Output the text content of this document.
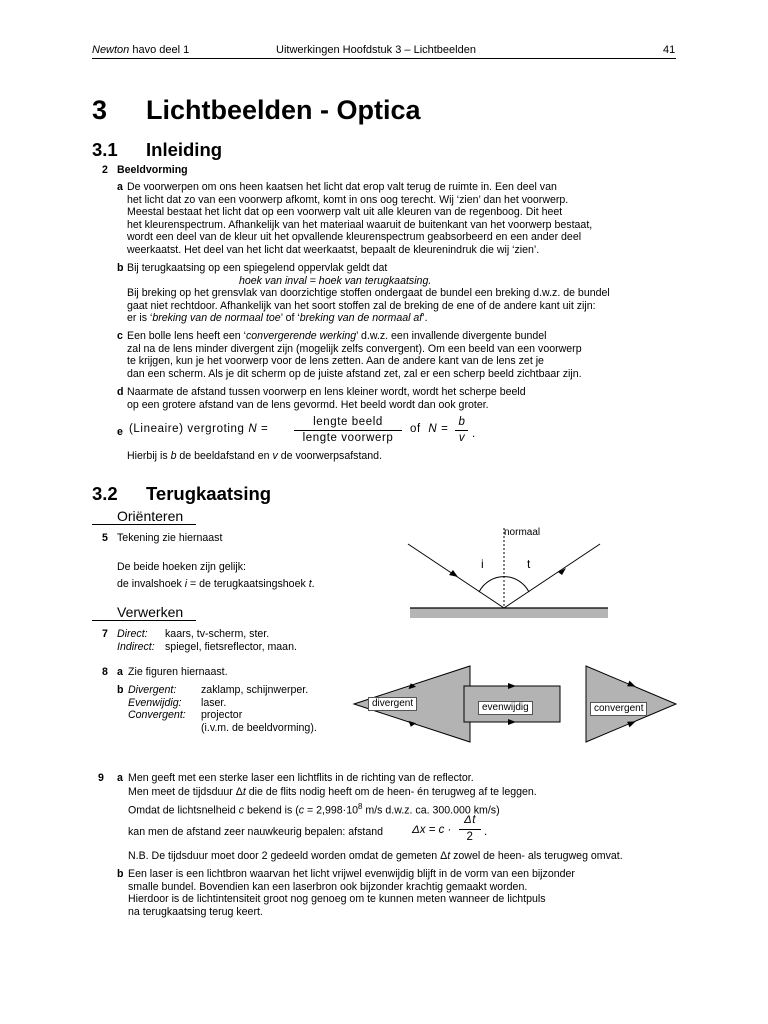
Newton havo deel 1	Uitwerkingen Hoofdstuk 3 – Lichtbeelden	41
3 Lichtbeelden - Optica
3.1 Inleiding
2 Beeldvorming
a De voorwerpen om ons heen kaatsen het licht dat erop valt terug de ruimte in. Een deel van
het licht dat zo van een voorwerp afkomt, komt in ons oog terecht. Wij ‘zien’ dan het voorwerp.
Meestal bestaat het licht dat op een voorwerp valt uit alle kleuren van de regenboog. Dit heet
het kleurenspectrum. Afhankelijk van het materiaal waaruit de buitenkant van het voorwerp bestaat,
wordt een deel van de kleur uit het opvallende kleurenspectrum geabsorbeerd en een ander deel
weerkaatst. Het deel van het licht dat weerkaatst, bepaalt de kleurenindruk die wij ‘zien’.
b Bij terugkaatsing op een spiegelend oppervlak geldt dat
hoek van inval = hoek van terugkaatsing.
Bij breking op het grensvlak van doorzichtige stoffen ondergaat de bundel een breking d.w.z. de bundel
gaat niet rechtdoor. Afhankelijk van het soort stoffen zal de breking de ene of de andere kant uit zijn:
er is ‘breking van de normaal toe’ of ‘breking van de normaal af’.
c Een bolle lens heeft een ‘convergerende werking’ d.w.z. een invallende divergente bundel
zal na de lens minder divergent zijn (mogelijk zelfs convergent). Om een beeld van een voorwerp
te krijgen, kun je het voorwerp voor de lens zetten. Aan de andere kant van de lens zet je
dan een scherm. Als je dit scherm op de juiste afstand zet, zal er een scherp beeld zichtbaar zijn.
d Naarmate de afstand tussen voorwerp en lens kleiner wordt, wordt het scherpe beeld
op een grotere afstand van de lens gevormd. Het beeld wordt dan ook groter.
e (Lineaire) vergroting N =
lengte beeld
lengte voorwerp
of N =
b
v .
Hierbij is b de beeldafstand en v de voorwerpsafstand.
3.2 Terugkaatsing
Oriënteren
5 Tekening zie hiernaast
De beide hoeken zijn gelijk:
de invalshoek i = de terugkaatsingshoek t.
normaal
i	t
Verwerken
7 Direct: kaars, tv-scherm, ster.
Indirect: spiegel, fietsreflector, maan.
8 a Zie figuren hiernaast.
b Divergent: zaklamp, schijnwerper.
Evenwijdig: laser.
Convergent: projector
(i.v.m. de beeldvorming).
divergent	evenwijdig	convergent
9 a Men geeft met een sterke laser een lichtflits in de richting van de reflector.
Men meet de tijdsduur Δt die de flits nodig heeft om de heen- én terugweg af te leggen.
Omdat de lichtsnelheid c bekend is ($c = 2,998\cdot 10^8$ m/s d.w.z. ca. 300.000 km/s)
kan men de afstand zeer nauwkeurig bepalen: afstand	Δx = c ·
Δt
2 .
N.B. De tijdsduur moet door 2 gedeeld worden omdat de gemeten Δt zowel de heen- als terugweg omvat.
b Een laser is een lichtbron waarvan het licht vrijwel evenwijdig blijft in de vorm van een bijzonder
smalle bundel. Bovendien kan een laserbron ook bijzonder krachtig gemaakt worden.
Hierdoor is de lichtintensiteit groot nog genoeg om te kunnen meten wanneer de lichtpuls
na terugkaatsing terug keert.
